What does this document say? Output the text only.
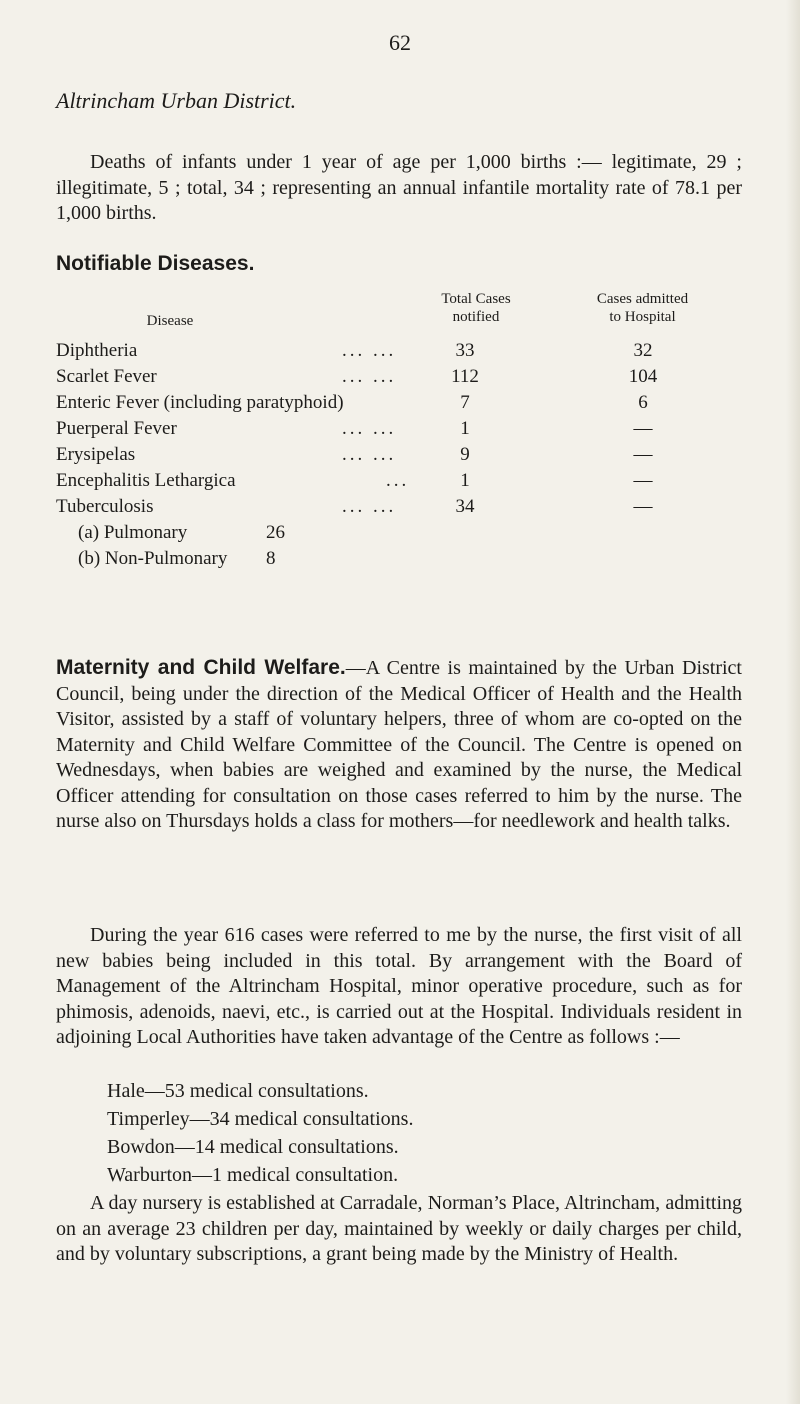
62
Altrincham Urban District.

Deaths of infants under 1 year of age per 1,000 births :— legitimate, 29 ; illegitimate, 5 ; total, 34 ; representing an annual infantile mortality rate of 78.1 per 1,000 births.

Notifiable Diseases.
Disease
Total Cases
notified
Cases admitted
to Hospital
Diphtheria	... ...	33	32
Scarlet Fever	... ...	112	104
Enteric Fever (including paratyphoid)	7	6
Puerperal Fever	... ...	1	—
Erysipelas	... ...	9	—
Encephalitis Lethargica	...	1	—
Tuberculosis	... ...	34	—
(a) Pulmonary	26
(b) Non-Pulmonary 8

Maternity and Child Welfare.—A Centre is maintained by the Urban District Council, being under the direction of the Medical Officer of Health and the Health Visitor, assisted by a staff of voluntary helpers, three of whom are co-opted on the Maternity and Child Welfare Committee of the Council. The Centre is opened on Wednesdays, when babies are weighed and examined by the nurse, the Medical Officer attending for consultation on those cases referred to him by the nurse. The nurse also on Thursdays holds a class for mothers—for needlework and health talks.

During the year 616 cases were referred to me by the nurse, the first visit of all new babies being included in this total. By arrangement with the Board of Management of the Altrincham Hospital, minor operative procedure, such as for phimosis, adenoids, naevi, etc., is carried out at the Hospital. Individuals resident in adjoining Local Authorities have taken advantage of the Centre as follows :—

Hale—53 medical consultations.
Timperley—34 medical consultations.
Bowdon—14 medical consultations.
Warburton—1 medical consultation.

A day nursery is established at Carradale, Norman’s Place, Altrincham, admitting on an average 23 children per day, maintained by weekly or daily charges per child, and by voluntary subscriptions, a grant being made by the Ministry of Health.
